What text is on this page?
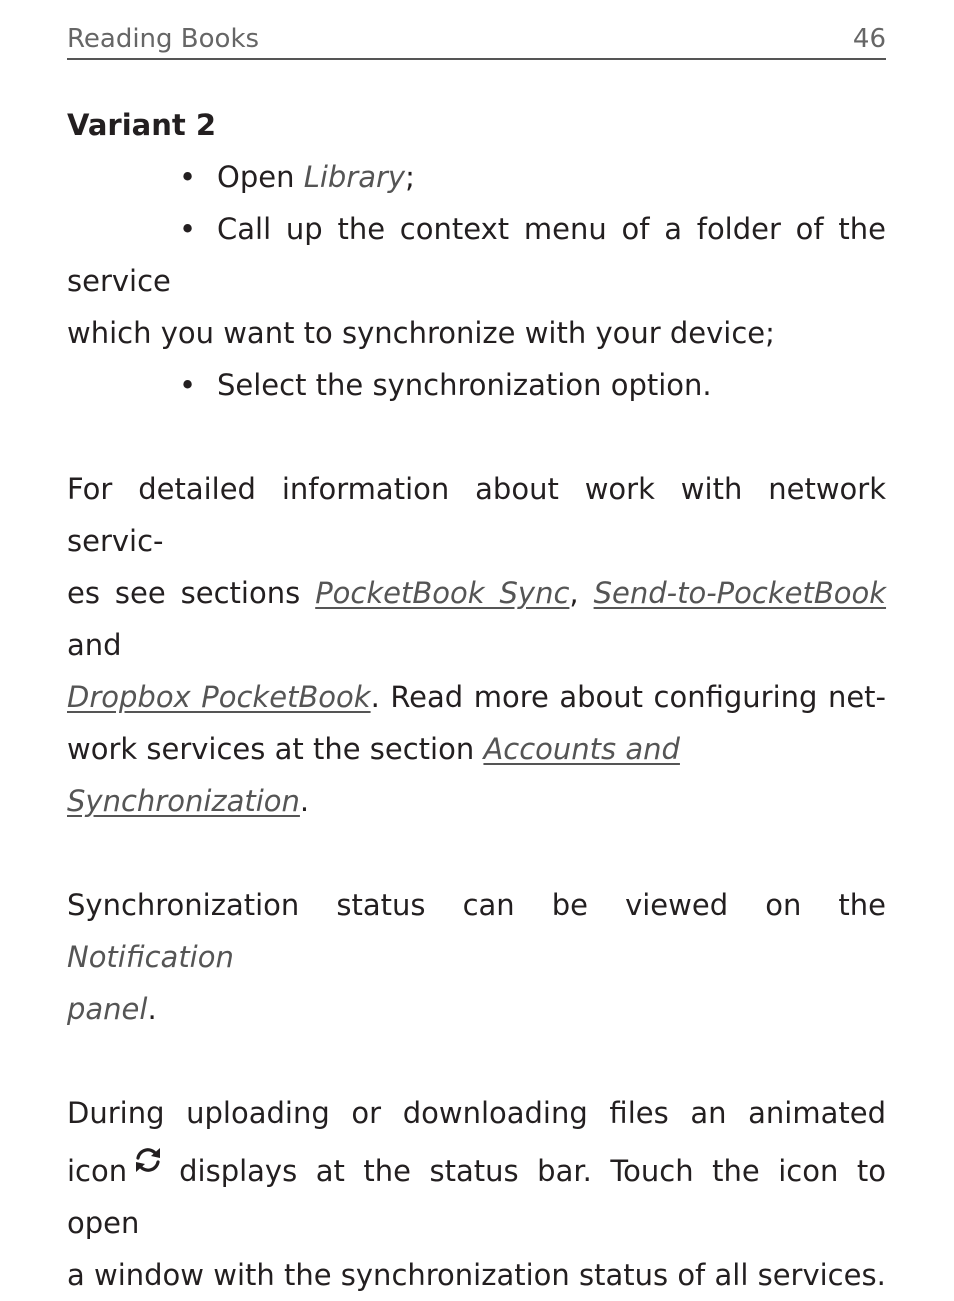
Reading Books	46

Variant 2

• Open Library;

• Call up the context menu of a folder of the service

which you want to synchronize with your device;

• Select the synchronization option.

For detailed information about work with network servic-

es see sections PocketBook Sync, Send-to-PocketBook and

Dropbox PocketBook. Read more about configuring net-

work services at the section Accounts and Synchronization.

Synchronization status can be viewed on the Notification

panel.

During uploading or downloading files an animated

icon displays at the status bar. Touch the icon to open

a window with the synchronization status of all services.
